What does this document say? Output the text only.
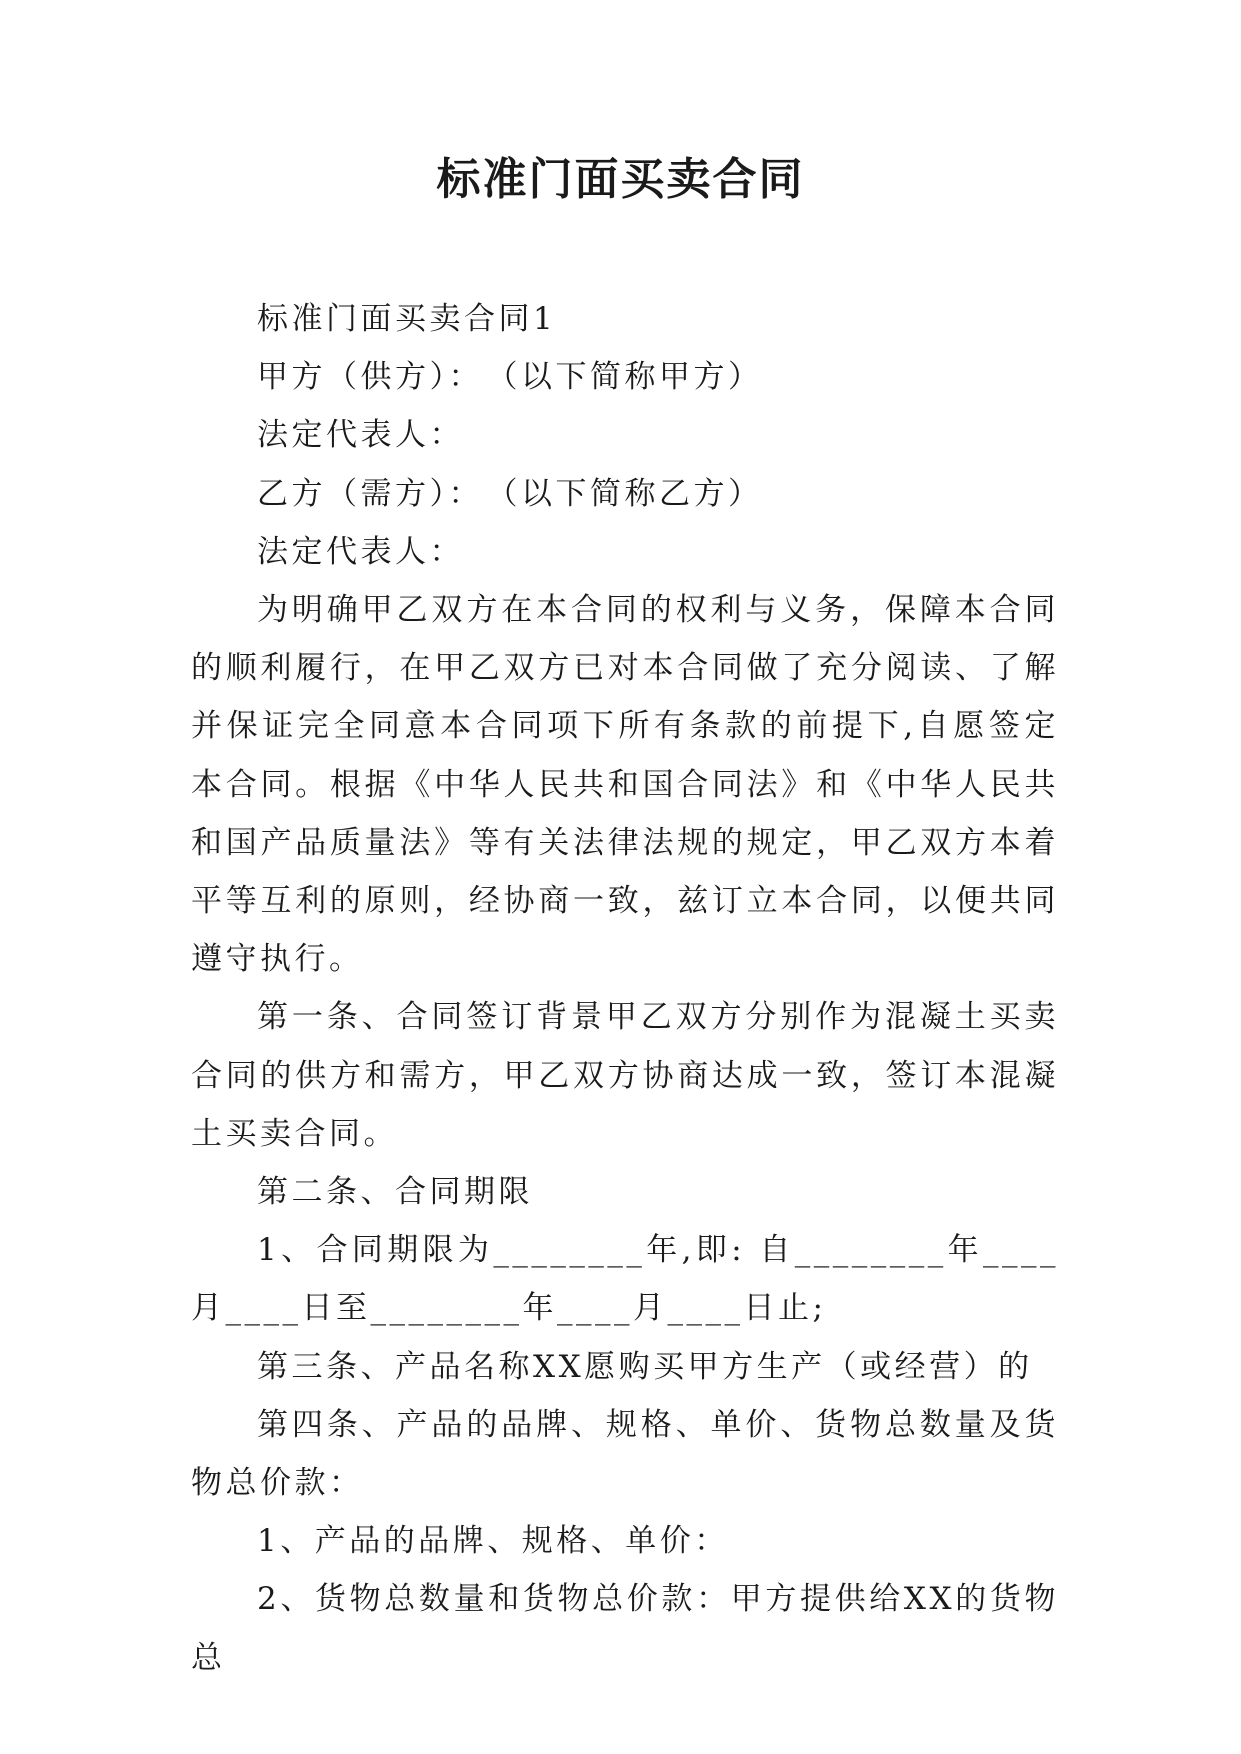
标准门面买卖合同

标准门面买卖合同1

甲方（供方）：　（以下简称甲方）

法定代表人：

乙方（需方）：　（以下简称乙方）

法定代表人：

为明确甲乙双方在本合同的权利与义务，保障本合同的顺利履行，在甲乙双方已对本合同做了充分阅读、了解并保证完全同意本合同项下所有条款的前提下,自愿签定本合同。根据《中华人民共和国合同法》和《中华人民共和国产品质量法》等有关法律法规的规定，甲乙双方本着平等互利的原则，经协商一致，兹订立本合同，以便共同遵守执行。

第一条、合同签订背景甲乙双方分别作为混凝土买卖合同的供方和需方，甲乙双方协商达成一致，签订本混凝土买卖合同。

第二条、合同期限

1、合同期限为________年,即: 自________年____月____日至________年____月____日止;

第三条、产品名称XX愿购买甲方生产（或经营）的

第四条、产品的品牌、规格、单价、货物总数量及货物总价款：

1、产品的品牌、规格、单价：

2、货物总数量和货物总价款：甲方提供给XX的货物总
